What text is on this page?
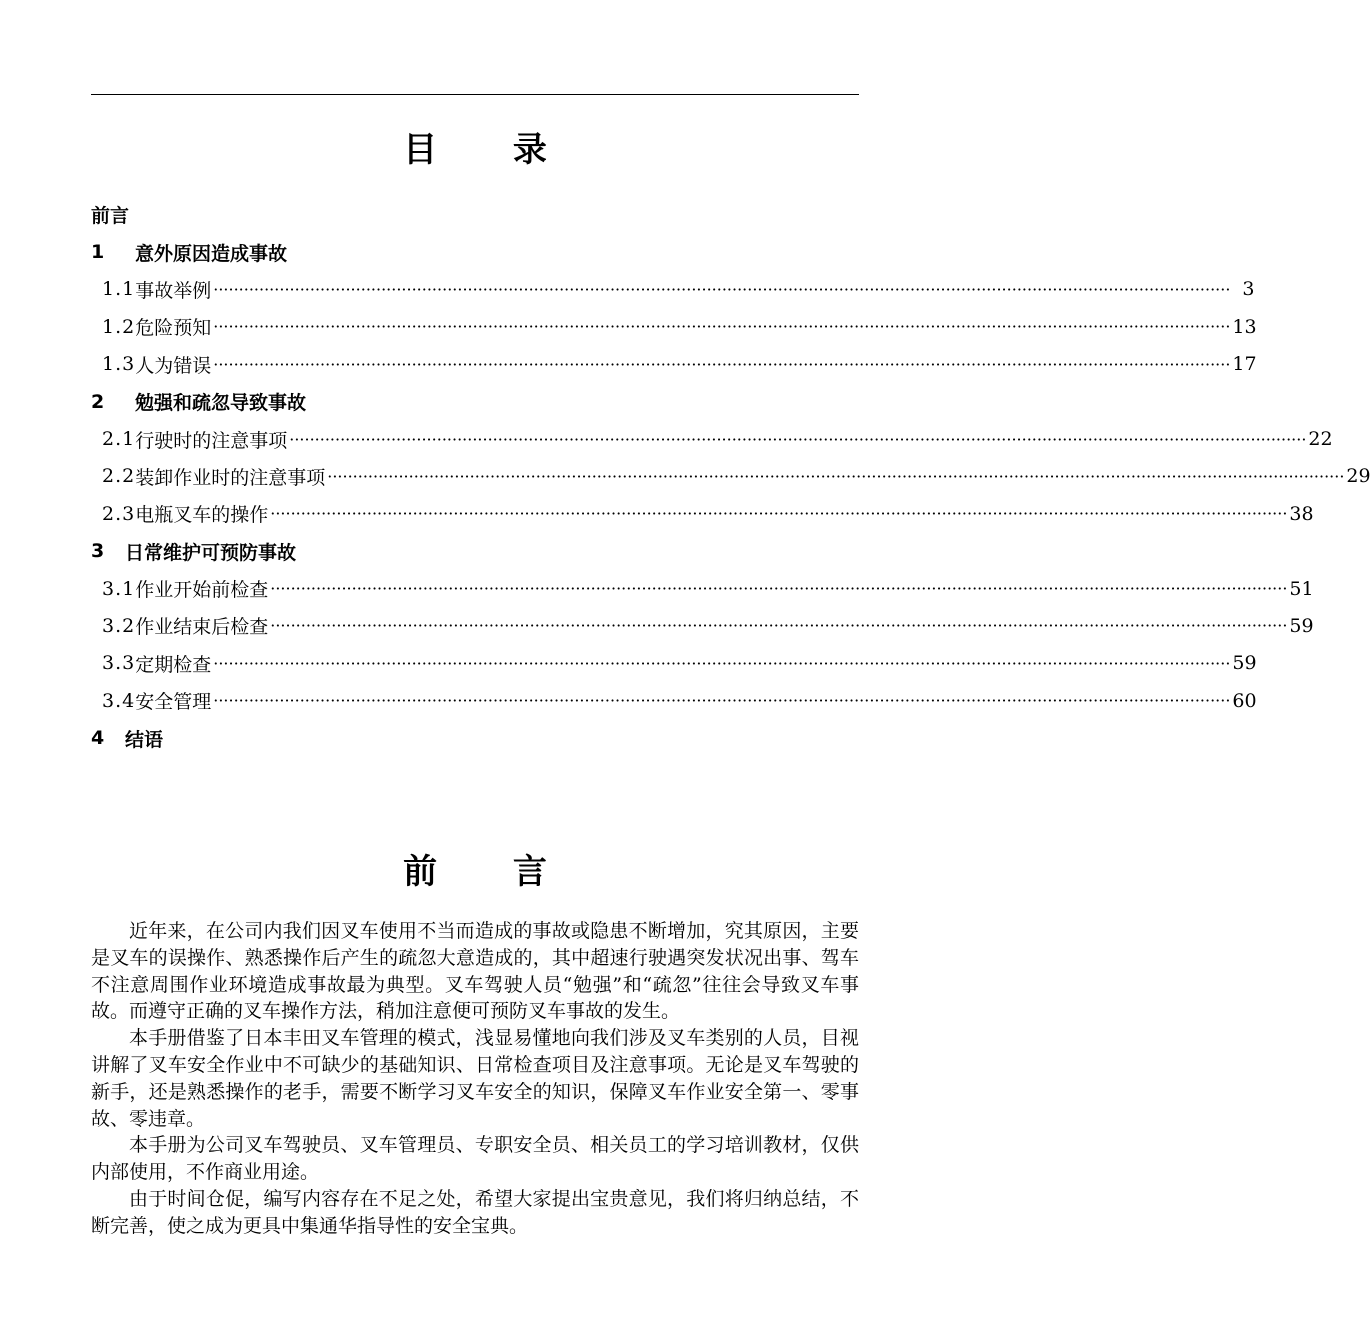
目 录
前言
1	意外原因造成事故
1.1 事故举例 ········································································································································································································ 3
1.2 危险预知 ········································································································································································································ 13
1.3 人为错误 ········································································································································································································ 17
2	勉强和疏忽导致事故
2.1 行驶时的注意事项 ········································································································································································································ 22
2.2 装卸作业时的注意事项 ········································································································································································································ 29
2.3 电瓶叉车的操作 ········································································································································································································ 38
3	日常维护可预防事故
3.1 作业开始前检查 ········································································································································································································ 51
3.2 作业结束后检查 ········································································································································································································ 59
3.3 定期检查 ········································································································································································································ 59
3.4 安全管理 ········································································································································································································ 60
4	结语
前 言

近年来，在公司内我们因叉车使用不当而造成的事故或隐患不断增加，究其原因，主要是叉车的误操作、熟悉操作后产生的疏忽大意造成的，其中超速行驶遇突发状况出事、驾车不注意周围作业环境造成事故最为典型。叉车驾驶人员“勉强”和“疏忽”往往会导致叉车事故。而遵守正确的叉车操作方法，稍加注意便可预防叉车事故的发生。

本手册借鉴了日本丰田叉车管理的模式，浅显易懂地向我们涉及叉车类别的人员，目视讲解了叉车安全作业中不可缺少的基础知识、日常检查项目及注意事项。无论是叉车驾驶的新手，还是熟悉操作的老手，需要不断学习叉车安全的知识，保障叉车作业安全第一、零事故、零违章。

本手册为公司叉车驾驶员、叉车管理员、专职安全员、相关员工的学习培训教材，仅供内部使用，不作商业用途。

由于时间仓促，编写内容存在不足之处，希望大家提出宝贵意见，我们将归纳总结，不断完善，使之成为更具中集通华指导性的安全宝典。
